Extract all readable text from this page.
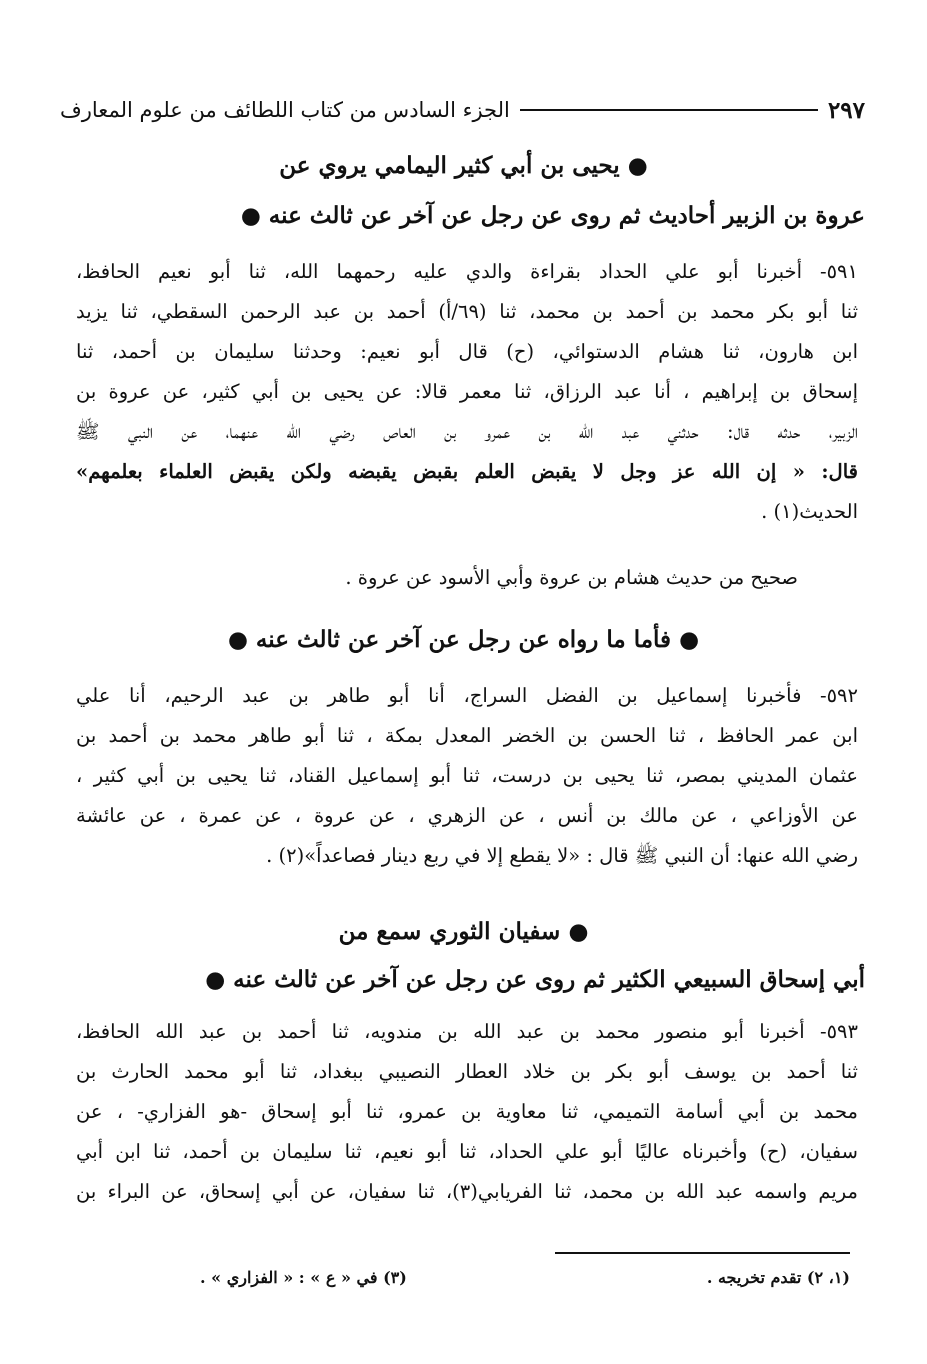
الجزء السادس من كتاب اللطائف من علوم المعارف	٢٩٧
● يحيى بن أبي كثير اليمامي يروي عن
عروة بن الزبير أحاديث ثم روى عن رجل عن آخر عن ثالث عنه ●
٥٩١- أخبرنا أبو علي الحداد بقراءة والدي عليه رحمهما الله، ثنا أبو نعيم الحافظ،
ثنا أبو بكر محمد بن أحمد بن محمد، ثنا (٦٩/أ) أحمد بن عبد الرحمن السقطي، ثنا يزيد
ابن هارون، ثنا هشام الدستوائي، (ح) قال أبو نعيم: وحدثنا سليمان بن أحمد، ثنا
إسحاق بن إبراهيم ، أنا عبد الرزاق، ثنا معمر قالا: عن يحيى بن أبي كثير، عن عروة بن
الزبير، حدثه قال: حدثني عبد الله بن عمرو بن العاص رضي الله عنهما، عن النبي ﷺ
قال: « إن الله عز وجل لا يقبض العلم بقبض يقبضه ولكن يقبض العلماء بعلمهم»
الحديث(١) .
صحيح من حديث هشام بن عروة وأبي الأسود عن عروة .
● فأما ما رواه عن رجل عن آخر عن ثالث عنه ●
٥٩٢- فأخبرنا إسماعيل بن الفضل السراج، أنا أبو طاهر بن عبد الرحيم، أنا علي
ابن عمر الحافظ ، ثنا الحسن بن الخضر المعدل بمكة ، ثنا أبو طاهر محمد بن أحمد بن
عثمان المديني بمصر، ثنا يحيى بن درست، ثنا أبو إسماعيل القناد، ثنا يحيى بن أبي كثير ،
عن الأوزاعي ، عن مالك بن أنس ، عن الزهري ، عن عروة ، عن عمرة ، عن عائشة
رضي الله عنها: أن النبي ﷺ قال : «لا يقطع إلا في ربع دينار فصاعداً»(٢) .
● سفيان الثوري سمع من
أبي إسحاق السبيعي الكثير ثم روى عن رجل عن آخر عن ثالث عنه ●
٥٩٣- أخبرنا أبو منصور محمد بن عبد الله بن مندويه، ثنا أحمد بن عبد الله الحافظ،
ثنا أحمد بن يوسف أبو بكر بن خلاد العطار النصيبي ببغداد، ثنا أبو محمد الحارث بن
محمد بن أبي أسامة التميمي، ثنا معاوية بن عمرو، ثنا أبو إسحاق -هو الفزاري- ، عن
سفيان، (ح) وأخبرناه عاليًا أبو علي الحداد، ثنا أبو نعيم، ثنا سليمان بن أحمد، ثنا ابن أبي
مريم واسمه عبد الله بن محمد، ثنا الفريابي(٣)، ثنا سفيان، عن أبي إسحاق، عن البراء بن
(١، ٢) تقدم تخريجه .
(٣) في « ع » : « الفزاري » .
